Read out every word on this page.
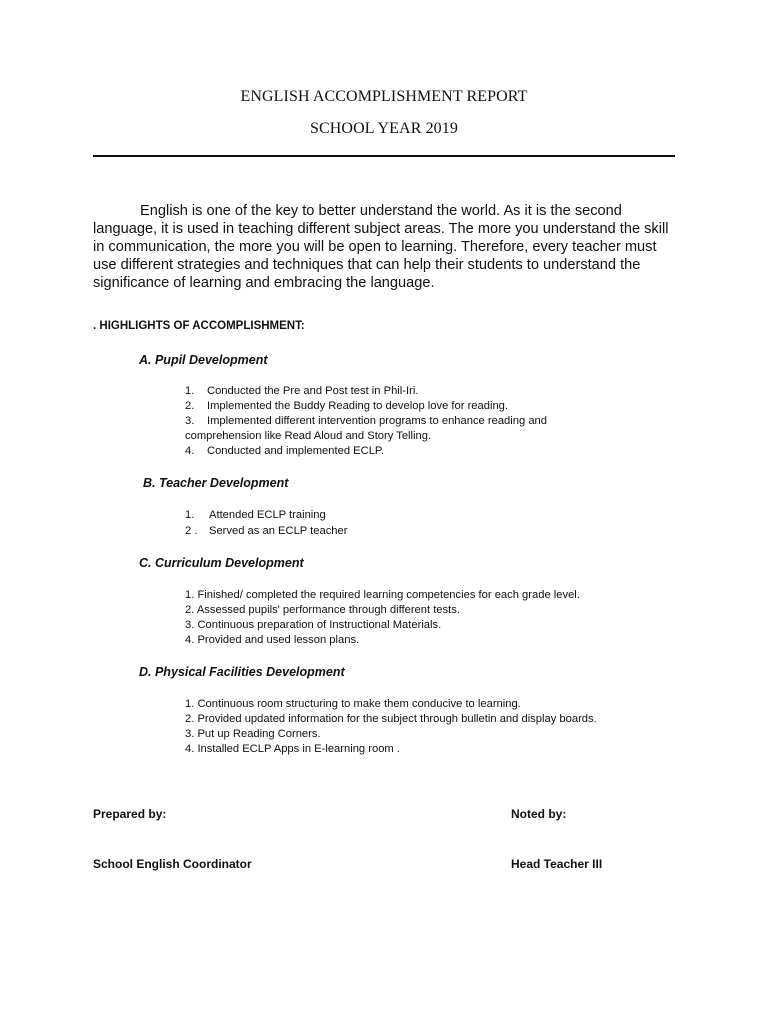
ENGLISH ACCOMPLISHMENT REPORT
SCHOOL YEAR 2019

English is one of the key to better understand the world. As it is the second language, it is used in teaching different subject areas. The more you understand the skill in communication, the more you will be open to learning. Therefore, every teacher must use different strategies and techniques that can help their students to understand the significance of learning and embracing the language.

. HIGHLIGHTS OF ACCOMPLISHMENT:
A. Pupil Development
1. Conducted the Pre and Post test in Phil-Iri.
2. Implemented the Buddy Reading to develop love for reading.
3. Implemented different intervention programs to enhance reading and
comprehension like Read Aloud and Story Telling.
4. Conducted and implemented ECLP.
B. Teacher Development
1. Attended ECLP training
2 . Served as an ECLP teacher
C. Curriculum Development
1. Finished/ completed the required learning competencies for each grade level.
2. Assessed pupils' performance through different tests.
3. Continuous preparation of Instructional Materials.
4. Provided and used lesson plans.
D. Physical Facilities Development
1. Continuous room structuring to make them conducive to learning.
2. Provided updated information for the subject through bulletin and display boards.
3. Put up Reading Corners.
4. Installed ECLP Apps in E-learning room .
Prepared by:	Noted by:
School English Coordinator	Head Teacher III
